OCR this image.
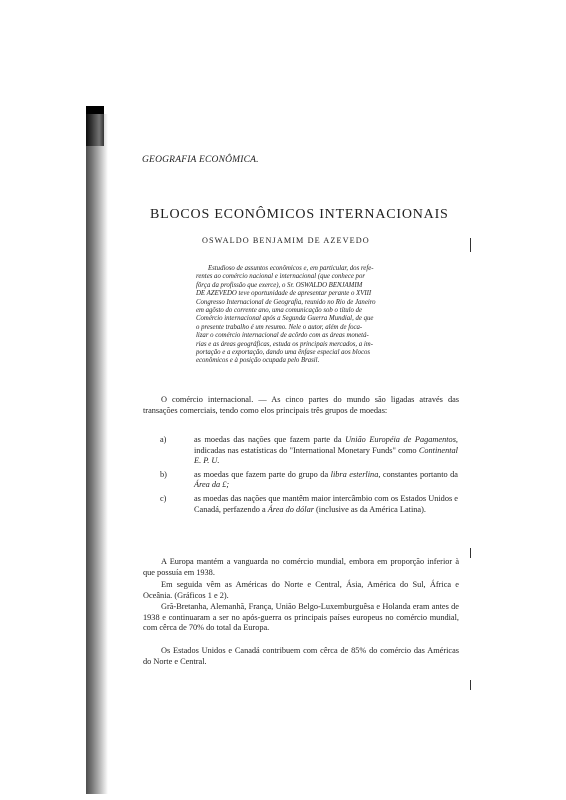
GEOGRAFIA ECONÔMICA.
BLOCOS ECONÔMICOS INTERNACIONAIS
OSWALDO BENJAMIM DE AZEVEDO
Estudioso de assuntos econômicos e, em particular, dos refe-
rentes ao comércio nacional e internacional (que conhece por
fôrça da profissão que exerce), o Sr. OSWALDO BENJAMIM
DE AZEVEDO teve oportunidade de apresentar perante o XVIII
Congresso Internacional de Geografia, reunido no Rio de Janeiro
em agôsto do corrente ano, uma comunicação sob o título de
Comércio internacional após a Segunda Guerra Mundial, de que
o presente trabalho é um resumo. Nele o autor, além de foca-
lizar o comércio internacional de acôrdo com as áreas monetá-
rias e as áreas geográficas, estuda os principais mercados, a im-
portação e a exportação, dando uma ênfase especial aos blocos
econômicos e à posição ocupada pelo Brasil.
O comércio internacional. — As cinco partes do mundo são ligadas através das transações comerciais, tendo como elos principais três grupos de moedas:
a)	as moedas das nações que fazem parte da União Européia de Pagamentos, indicadas nas estatísticas do "International Monetary Funds" como Continental E. P. U.
b)	as moedas que fazem parte do grupo da libra esterlina, constantes portanto da Área da £;
c)	as moedas das nações que mantêm maior intercâmbio com os Estados Unidos e Canadá, perfazendo a Área do dólar (inclusive as da América Latina).
A Europa mantém a vanguarda no comércio mundial, embora em proporção inferior à que possuía em 1938.
Em seguida vêm as Américas do Norte e Central, Ásia, América do Sul, África e Oceânia. (Gráficos 1 e 2).
Grã-Bretanha, Alemanhã, França, União Belgo-Luxemburguêsa e Holanda eram antes de 1938 e continuaram a ser no após-guerra os principais países europeus no comércio mundial, com cêrca de 70% do total da Europa.
Os Estados Unidos e Canadá contribuem com cêrca de 85% do comércio das Américas do Norte e Central.
